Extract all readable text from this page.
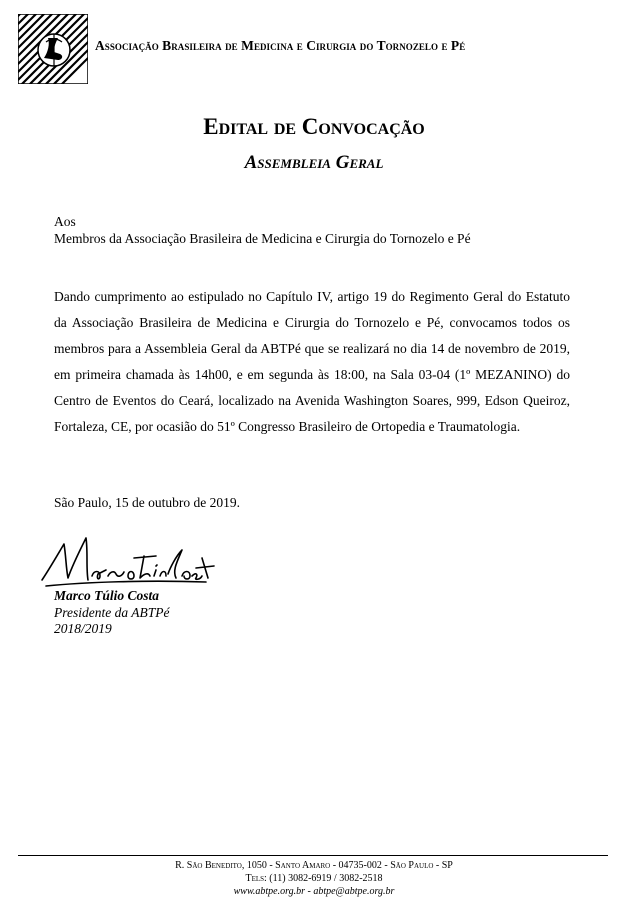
Associação Brasileira de Medicina e Cirurgia do Tornozelo e Pé
Edital de Convocação
Assembleia Geral
Aos
Membros da Associação Brasileira de Medicina e Cirurgia do Tornozelo e Pé
Dando cumprimento ao estipulado no Capítulo IV, artigo 19 do Regimento Geral do Estatuto da Associação Brasileira de Medicina e Cirurgia do Tornozelo e Pé, convocamos todos os membros para a Assembleia Geral da ABTPé que se realizará no dia 14 de novembro de 2019, em primeira chamada às 14h00, e em segunda às 18:00, na Sala 03-04 (1º MEZANINO) do Centro de Eventos do Ceará, localizado na Avenida Washington Soares, 999, Edson Queiroz, Fortaleza, CE, por ocasião do 51º Congresso Brasileiro de Ortopedia e Traumatologia.
São Paulo, 15 de outubro de 2019.
Marco Túlio Costa
Presidente da ABTPé
2018/2019
R. São Benedito, 1050 - Santo Amaro - 04735-002 - São Paulo - SP
Tels: (11) 3082-6919 / 3082-2518
www.abtpe.org.br - abtpe@abtpe.org.br
